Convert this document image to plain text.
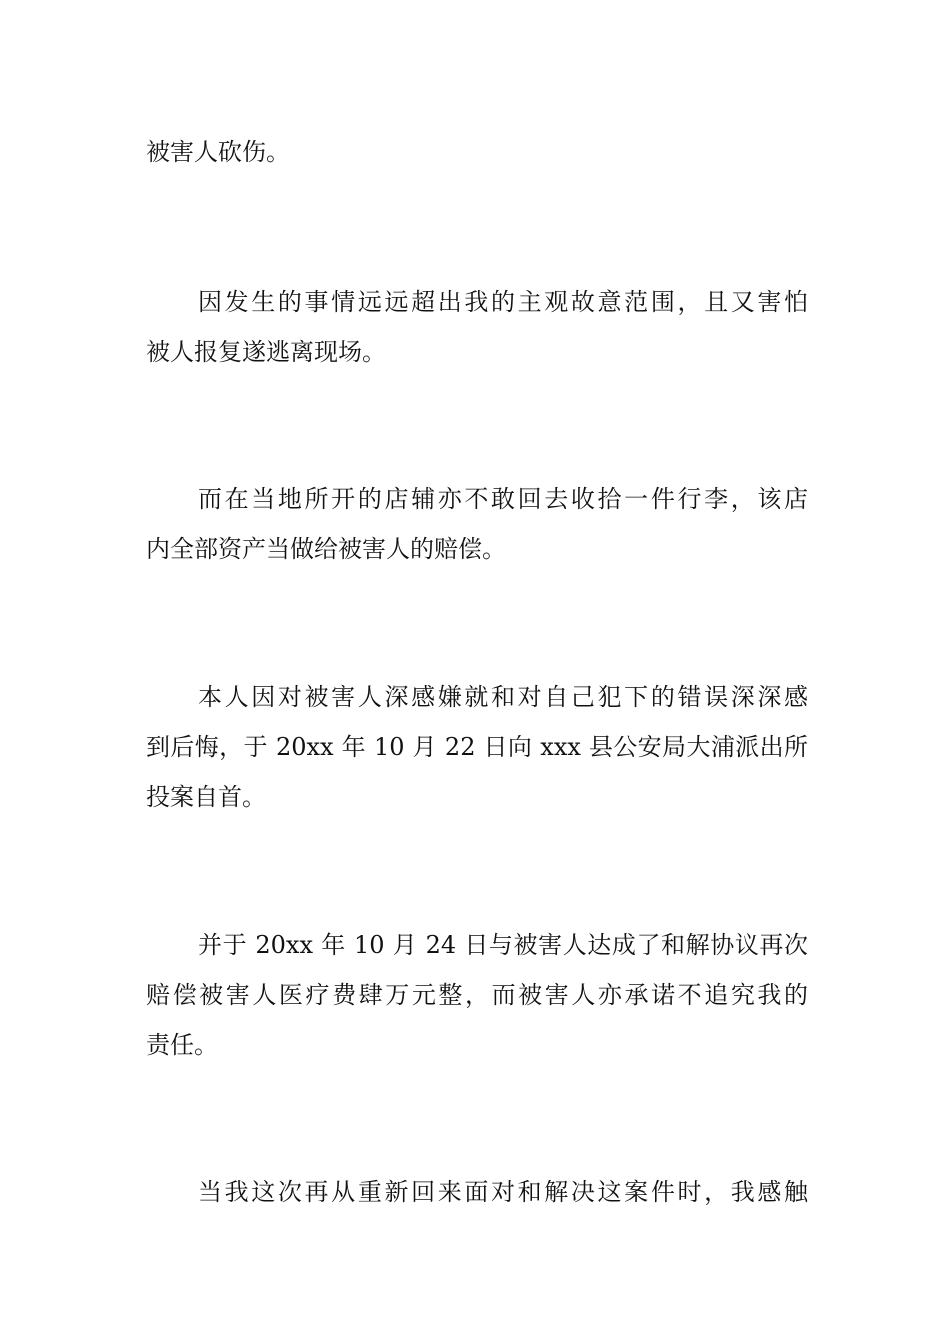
被害人砍伤。
因发生的事情远远超出我的主观故意范围，且又害怕
被人报复遂逃离现场。
而在当地所开的店辅亦不敢回去收拾一件行李，该店
内全部资产当做给被害人的赔偿。
本人因对被害人深感嫌就和对自己犯下的错误深深感
到后悔，于 20xx 年 10 月 22 日向 xxx 县公安局大浦派出所
投案自首。
并于 20xx 年 10 月 24 日与被害人达成了和解协议再次
赔偿被害人医疗费肆万元整，而被害人亦承诺不追究我的
责任。
当我这次再从重新回来面对和解决这案件时，我感触
